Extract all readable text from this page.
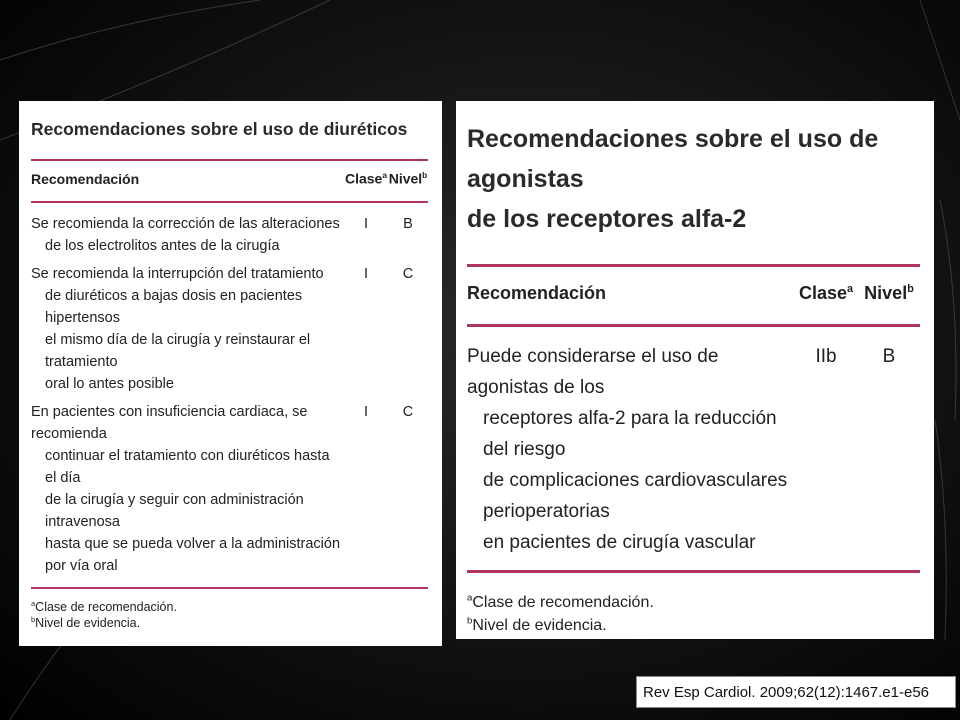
Recomendaciones sobre el uso de diuréticos
Recomendación	Clase$^a$ Nivel$^b$
Se recomienda la corrección de las alteraciones
de los electrolitos antes de la cirugía
I	B
Se recomienda la interrupción del tratamiento
de diuréticos a bajas dosis en pacientes hipertensos
el mismo día de la cirugía y reinstaurar el tratamiento
oral lo antes posible
I	C
En pacientes con insuficiencia cardiaca, se recomienda
continuar el tratamiento con diuréticos hasta el día
de la cirugía y seguir con administración intravenosa
hasta que se pueda volver a la administración
por vía oral
I	C
$^a$Clase de recomendación.
$^b$Nivel de evidencia.
Recomendaciones sobre el uso de agonistas
de los receptores alfa-2
Recomendación	Clase$^a$ Nivel$^b$
Puede considerarse el uso de agonistas de los
receptores alfa-2 para la reducción del riesgo
de complicaciones cardiovasculares perioperatorias
en pacientes de cirugía vascular
IIb	B
$^a$Clase de recomendación.
$^b$Nivel de evidencia.
Rev Esp Cardiol. 2009;62(12):1467.e1-e56
